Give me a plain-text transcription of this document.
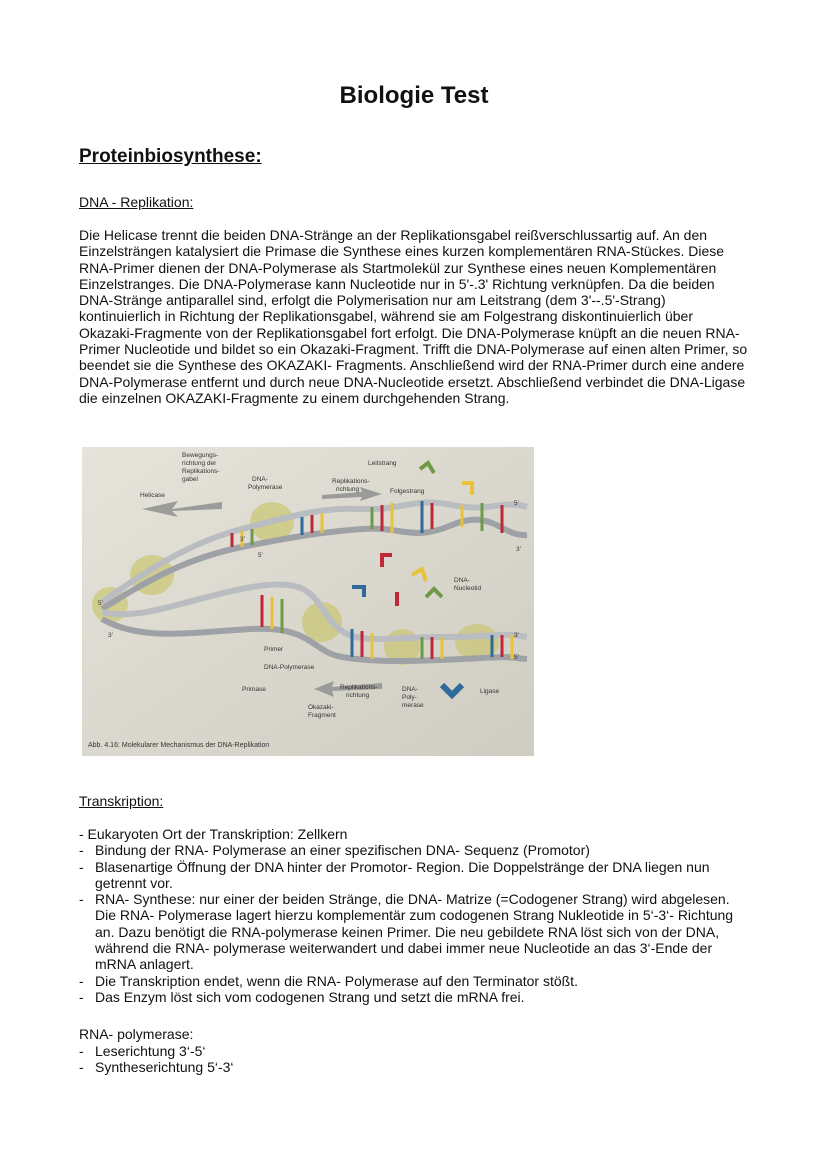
Biologie Test
Proteinbiosynthese:
DNA - Replikation:

Die Helicase trennt die beiden DNA-Stränge an der Replikationsgabel reißverschlussartig auf. An den Einzelsträngen katalysiert die Primase die Synthese eines kurzen komplementären RNA-Stückes. Diese RNA-Primer dienen der DNA-Polymerase als Startmolekül zur Synthese eines neuen Komplementären Einzelstranges. Die DNA-Polymerase kann Nucleotide nur in 5'-.3' Richtung verknüpfen. Da die beiden DNA-Stränge antiparallel sind, erfolgt die Polymerisation nur am Leitstrang (dem 3'--.5'-Strang) kontinuierlich in Richtung der Replikationsgabel, während sie am Folgestrang diskontinuierlich über Okazaki-Fragmente von der Replikationsgabel fort erfolgt. Die DNA-Polymerase knüpft an die neuen RNA- Primer Nucleotide und bildet so ein Okazaki-Fragment. Trifft die DNA-Polymerase auf einen alten Primer, so beendet sie die Synthese des OKAZAKI- Fragments. Anschließend wird der RNA-Primer durch eine andere DNA-Polymerase entfernt und durch neue DNA-Nucleotide ersetzt. Abschließend verbindet die DNA-Ligase die einzelnen OKAZAKI-Fragmente zu einem durchgehenden Strang.

Bewegungs-
richtung der
Replikations-
gabel
Helicase
DNA-
Polymerase
Replikations-
richtung
Leitstrang
Folgestrang
DNA-
Nucleotid
Primer
DNA-Polymerase
Primase	Replikations-
richtung
DNA-
Poly-
merase
Ligase
Okazaki-
Fragment
5'
3'
3'
5'
5'
3'	3'
5'
Abb. 4.16: Molekularer Mechanismus der DNA-Replikation
Transkription:
- Eukaryoten Ort der Transkription: Zellkern
- Bindung der RNA- Polymerase an einer spezifischen DNA- Sequenz (Promotor)
- Blasenartige Öffnung der DNA hinter der Promotor- Region. Die Doppelstränge der DNA liegen nun getrennt vor.
- RNA- Synthese: nur einer der beiden Stränge, die DNA- Matrize (=Codogener Strang) wird abgelesen. Die RNA- Polymerase lagert hierzu komplementär zum codogenen Strang Nukleotide in 5‘-3‘- Richtung an. Dazu benötigt die RNA-polymerase keinen Primer. Die neu gebildete RNA löst sich von der DNA, während die RNA- polymerase weiterwandert und dabei immer neue Nucleotide an das 3‘-Ende der mRNA anlagert.
- Die Transkription endet, wenn die RNA- Polymerase auf den Terminator stößt.
- Das Enzym löst sich vom codogenen Strang und setzt die mRNA frei.
RNA- polymerase:
- Leserichtung 3‘-5‘
- Syntheserichtung 5‘-3‘
